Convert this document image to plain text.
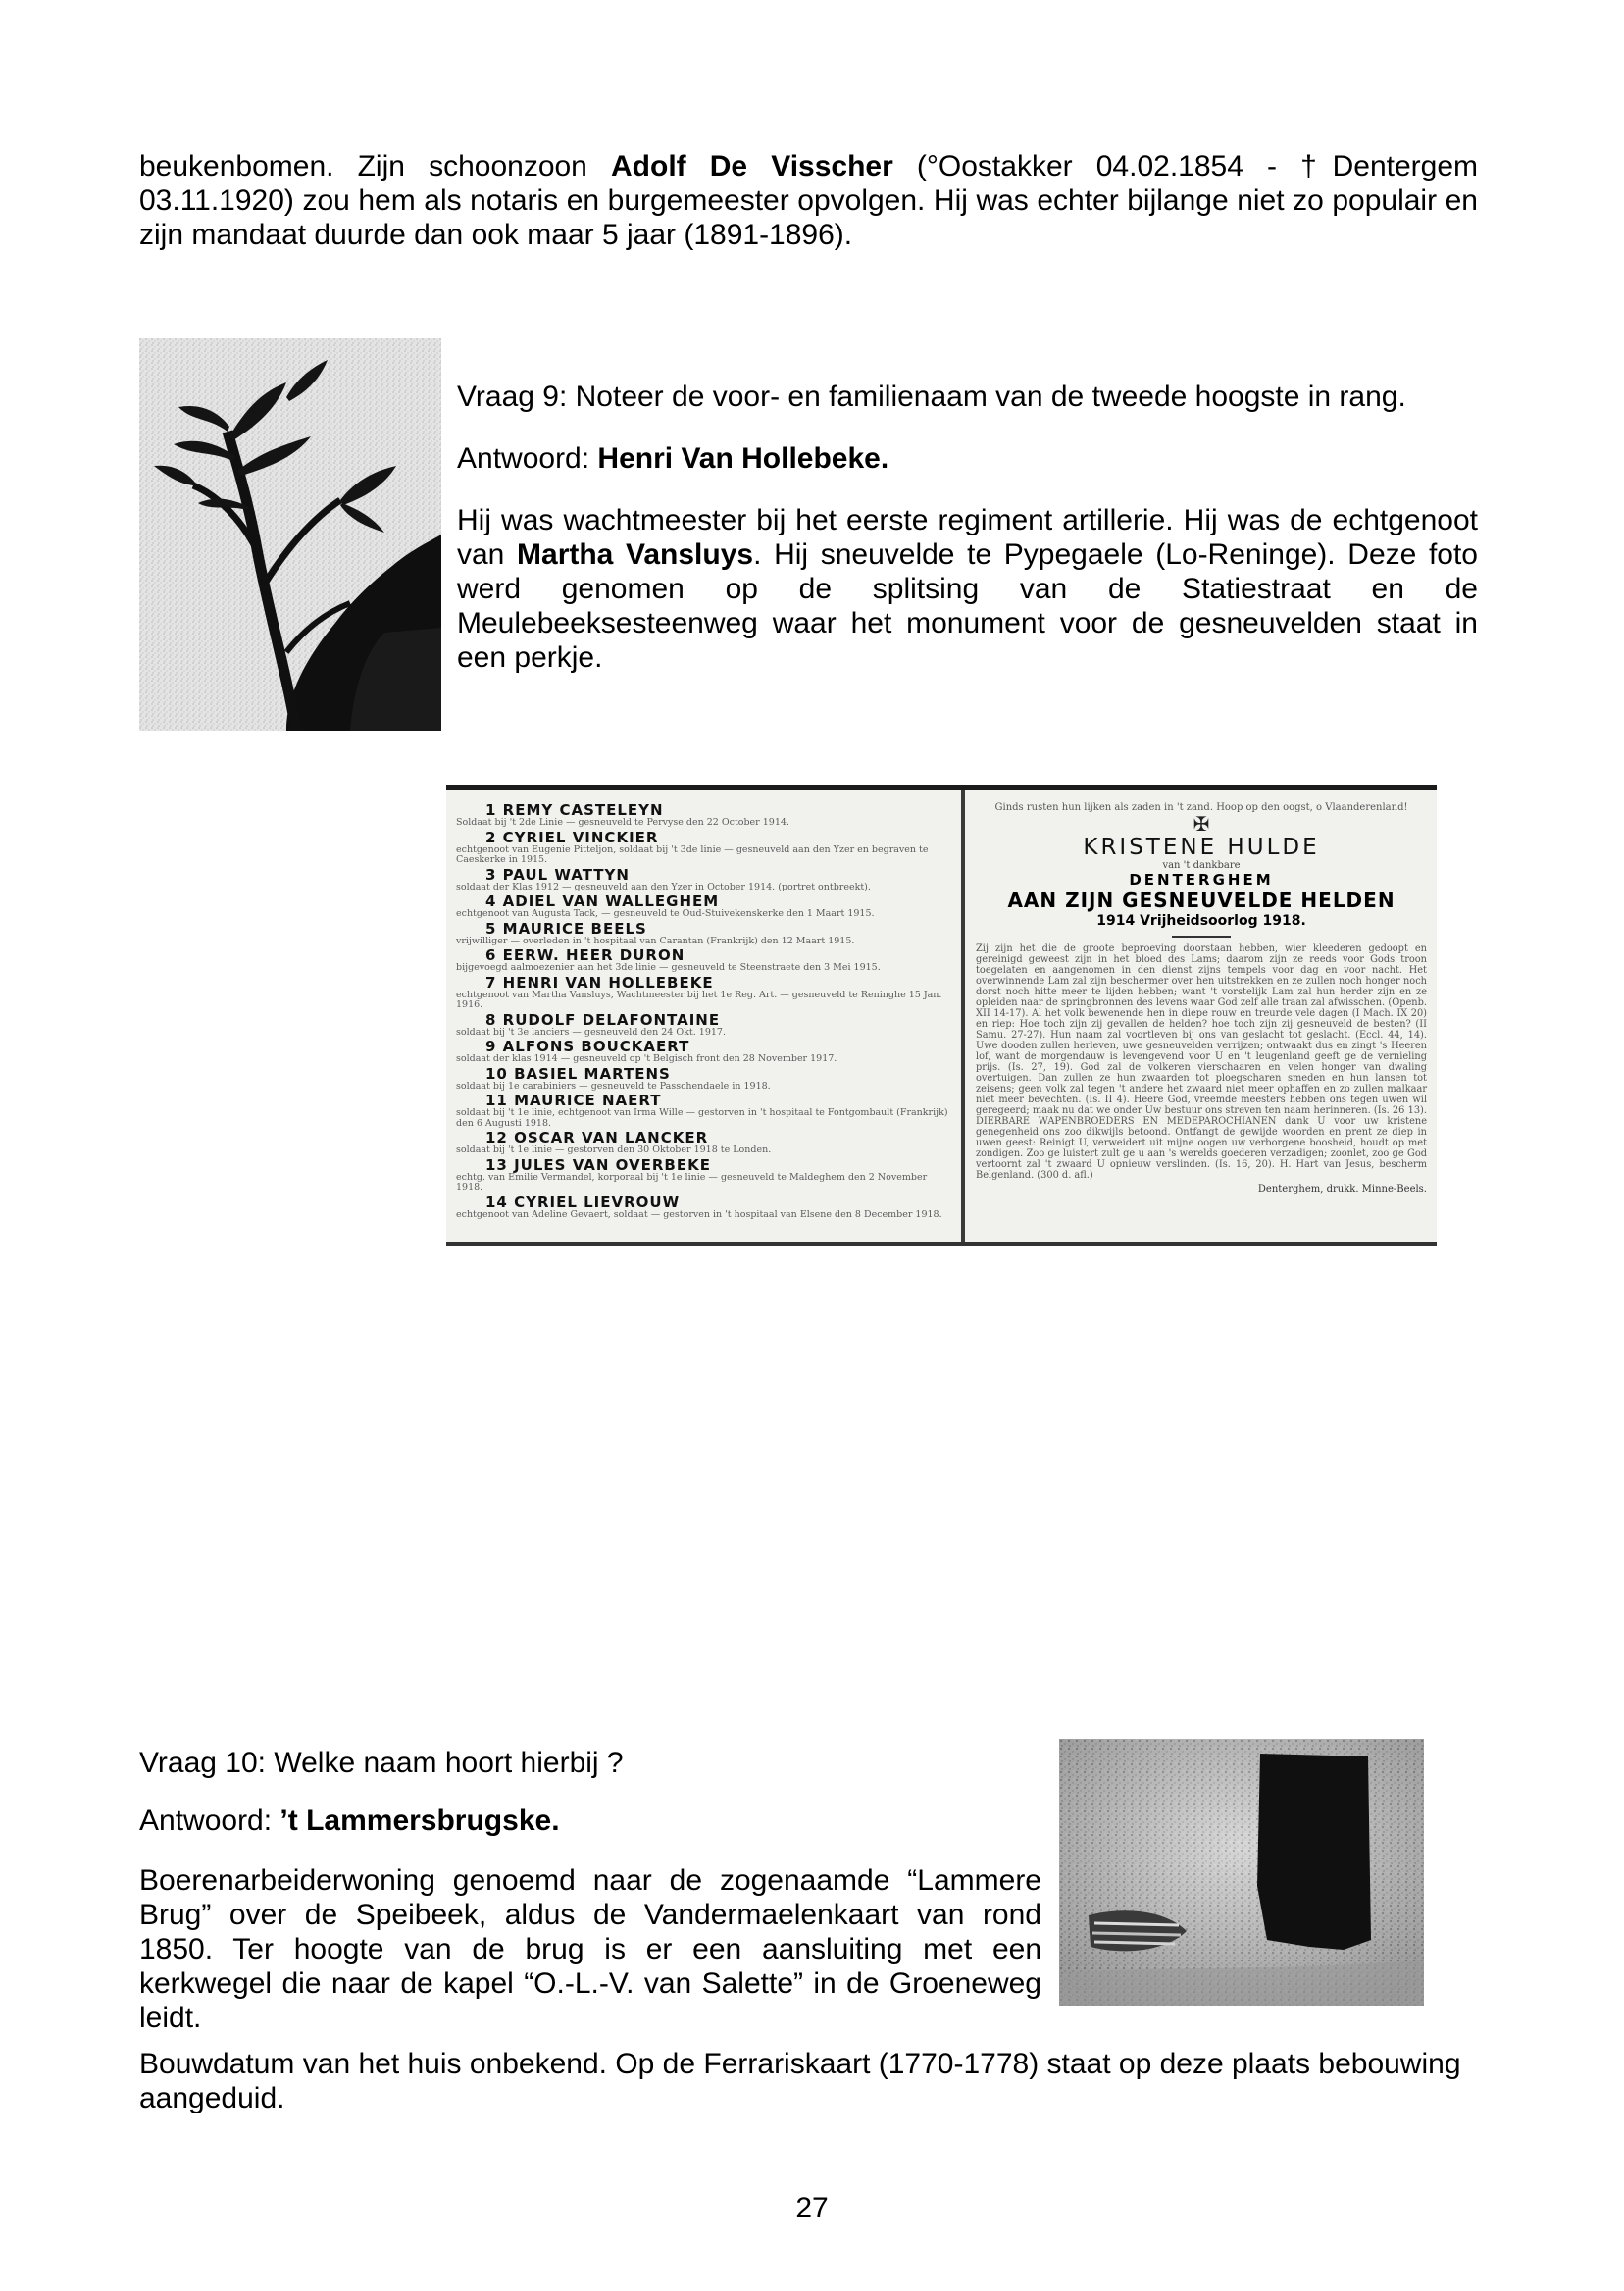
beukenbomen. Zijn schoonzoon Adolf De Visscher (°Oostakker 04.02.1854 - †Dentergem 03.11.1920) zou hem als notaris en burgemeester opvolgen. Hij was echter bijlange niet zo populair en zijn mandaat duurde dan ook maar 5 jaar (1891-1896).

Vraag 9: Noteer de voor- en familienaam van de tweede hoogste in rang.

Antwoord: Henri Van Hollebeke.

Hij was wachtmeester bij het eerste regiment artillerie. Hij was de echtgenoot van Martha Vansluys. Hij sneuvelde te Pypegaele (Lo-Reninge). Deze foto werd genomen op de splitsing van de Statiestraat en de Meulebeeksesteenweg waar het monument voor de gesneuvelden staat in een perkje.

1 REMY CASTELEYN
Soldaat bij 't 2de Linie — gesneuveld te Pervyse den 22 October 1914.
2 CYRIEL VINCKIER
echtgenoot van Eugenie Pitteljon, soldaat bij 't 3de linie — gesneuveld aan den Yzer en begraven te Caeskerke in 1915.
3 PAUL WATTYN
soldaat der Klas 1912 — gesneuveld aan den Yzer in October 1914. (portret ontbreekt).
4 ADIEL VAN WALLEGHEM
echtgenoot van Augusta Tack, — gesneuveld te Oud-Stuivekenskerke den 1 Maart 1915.
5 MAURICE BEELS
vrijwilliger — overleden in 't hospitaal van Carantan (Frankrijk) den 12 Maart 1915.
6 EERW. HEER DURON
bijgevoegd aalmoezenier aan het 3de linie — gesneuveld te Steenstraete den 3 Mei 1915.
7 HENRI VAN HOLLEBEKE
echtgenoot van Martha Vansluys, Wachtmeester bij het 1e Reg. Art. — gesneuveld te Reninghe 15 Jan. 1916.
8 RUDOLF DELAFONTAINE
soldaat bij 't 3e lanciers — gesneuveld den 24 Okt. 1917.
9 ALFONS BOUCKAERT
soldaat der klas 1914 — gesneuveld op 't Belgisch front den 28 November 1917.
10 BASIEL MARTENS
soldaat bij 1e carabiniers — gesneuveld te Passchendaele in 1918.
11 MAURICE NAERT
soldaat bij 't 1e linie, echtgenoot van Irma Wille — gestorven in 't hospitaal te Fontgombault (Frankrijk) den 6 Augusti 1918.
12 OSCAR VAN LANCKER
soldaat bij 't 1e linie — gestorven den 30 Oktober 1918 te Londen.
13 JULES VAN OVERBEKE
echtg. van Emilie Vermandel, korporaal bij 't 1e linie — gesneuveld te Maldeghem den 2 November 1918.
14 CYRIEL LIEVROUW
echtgenoot van Adeline Gevaert, soldaat — gestorven in 't hospitaal van Elsene den 8 December 1918.

Ginds rusten hun lijken als zaden in 't zand. Hoop op den oogst, o Vlaanderenland!

✠

KRISTENE HULDE

van 't dankbare

DENTERGHEM

AAN ZIJN GESNEUVELDE HELDEN

1914 Vrijheidsoorlog 1918.

Zij zijn het die de groote beproeving doorstaan hebben, wier kleederen gedoopt en gereinigd geweest zijn in het bloed des Lams; daarom zijn ze reeds voor Gods troon toegelaten en aangenomen in den dienst zijns tempels voor dag en voor nacht. Het overwinnende Lam zal zijn beschermer over hen uitstrekken en ze zullen noch honger noch dorst noch hitte meer te lijden hebben; want 't vorstelijk Lam zal hun herder zijn en ze opleiden naar de springbronnen des levens waar God zelf alle traan zal afwisschen. (Openb. XII 14-17). Al het volk bewenende hen in diepe rouw en treurde vele dagen (I Mach. IX 20) en riep: Hoe toch zijn zij gevallen de helden? hoe toch zijn zij gesneuveld de besten? (II Samu. 27-27). Hun naam zal voortleven bij ons van geslacht tot geslacht. (Eccl. 44, 14). Uwe dooden zullen herleven, uwe gesneuvelden verrijzen; ontwaakt dus en zingt 's Heeren lof, want de morgendauw is levengevend voor U en 't leugenland geeft ge de vernieling prijs. (Is. 27, 19). God zal de volkeren vierschaaren en velen honger van dwaling overtuigen. Dan zullen ze hun zwaarden tot ploegscharen smeden en hun lansen tot zeisens; geen volk zal tegen 't andere het zwaard niet meer ophaffen en zo zullen malkaar niet meer bevechten. (Is. II 4). Heere God, vreemde meesters hebben ons tegen uwen wil geregeerd; maak nu dat we onder Uw bestuur ons streven ten naam herinneren. (Is. 26 13). DIERBARE WAPENBROEDERS EN MEDEPAROCHIANEN dank U voor uw kristene genegenheid ons zoo dikwijls betoond. Ontfangt de gewijde woorden en prent ze diep in uwen geest: Reinigt U, verweidert uit mijne oogen uw verborgene boosheid, houdt op met zondigen. Zoo ge luistert zult ge u aan 's werelds goederen verzadigen; zoonlet, zoo ge God vertoornt zal 't zwaard U opnieuw verslinden. (Is. 16, 20). H. Hart van Jesus, bescherm Belgenland. (300 d. afl.)

Denterghem, drukk. Minne-Beels.

Vraag 10: Welke naam hoort hierbij ?

Antwoord: ’t Lammersbrugske.

Boerenarbeiderwoning genoemd naar de zogenaamde “Lammere Brug” over de Speibeek, aldus de Vandermaelenkaart van rond 1850. Ter hoogte van de brug is er een aansluiting met een kerkwegel die naar de kapel “O.-L.-V. van Salette” in de Groeneweg leidt.

Bouwdatum van het huis onbekend. Op de Ferrariskaart (1770-1778) staat op deze plaats bebouwing aangeduid.

27
